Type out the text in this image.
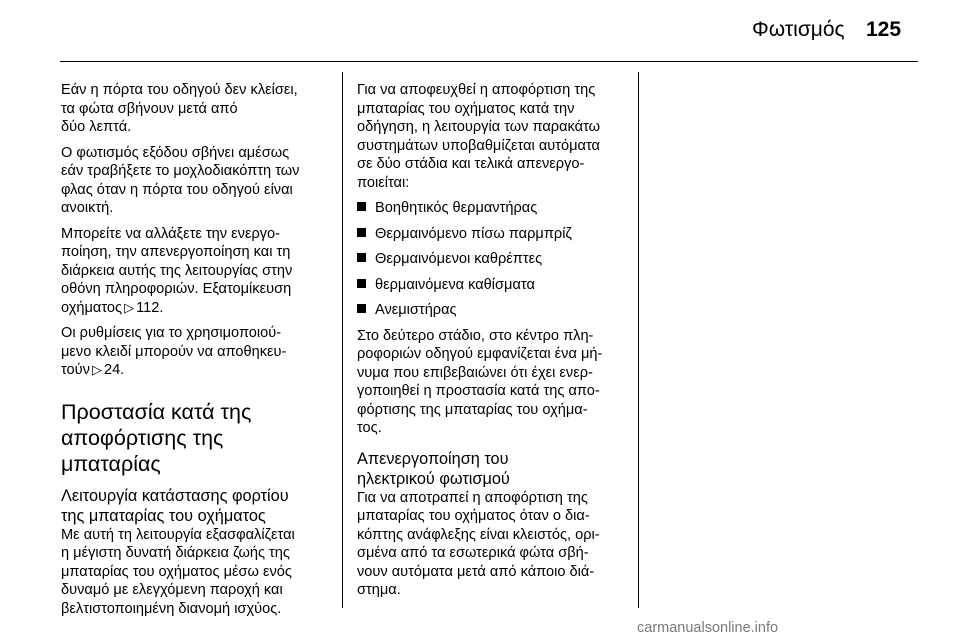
Φωτισμός 125

Εάν η πόρτα του οδηγού δεν κλείσει,
τα φώτα σβήνουν μετά από
δύο λεπτά.

Ο φωτισμός εξόδου σβήνει αμέσως
εάν τραβήξετε το μοχλοδιακόπτη των
φλας όταν η πόρτα του οδηγού είναι
ανοικτή.

Μπορείτε να αλλάξετε την ενεργο-
ποίηση, την απενεργοποίηση και τη
διάρκεια αυτής της λειτουργίας στην
οθόνη πληροφοριών. Εξατομίκευση
οχήματος ▷ 112.

Οι ρυθμίσεις για το χρησιμοποιού-
μενο κλειδί μπορούν να αποθηκευ-
τούν ▷ 24.

Προστασία κατά της
αποφόρτισης της
μπαταρίας
Λειτουργία κατάστασης φορτίου
της μπαταρίας του οχήματος

Με αυτή τη λειτουργία εξασφαλίζεται
η μέγιστη δυνατή διάρκεια ζωής της
μπαταρίας του οχήματος μέσω ενός
δυναμό με ελεγχόμενη παροχή και
βελτιστοποιημένη διανομή ισχύος.

Για να αποφευχθεί η αποφόρτιση της
μπαταρίας του οχήματος κατά την
οδήγηση, η λειτουργία των παρακάτω
συστημάτων υποβαθμίζεται αυτόματα
σε δύο στάδια και τελικά απενεργο-
ποιείται:

Βοηθητικός θερμαντήρας
Θερμαινόμενο πίσω παρμπρίζ
Θερμαινόμενοι καθρέπτες
θερμαινόμενα καθίσματα
Ανεμιστήρας

Στο δεύτερο στάδιο, στο κέντρο πλη-
ροφοριών οδηγού εμφανίζεται ένα μή-
νυμα που επιβεβαιώνει ότι έχει ενερ-
γοποιηθεί η προστασία κατά της απο-
φόρτισης της μπαταρίας του οχήμα-
τος.

Απενεργοποίηση του
ηλεκτρικού φωτισμού

Για να αποτραπεί η αποφόρτιση της
μπαταρίας του οχήματος όταν ο δια-
κόπτης ανάφλεξης είναι κλειστός, ορι-
σμένα από τα εσωτερικά φώτα σβή-
νουν αυτόματα μετά από κάποιο διά-
στημα.

carmanualsonline.info
